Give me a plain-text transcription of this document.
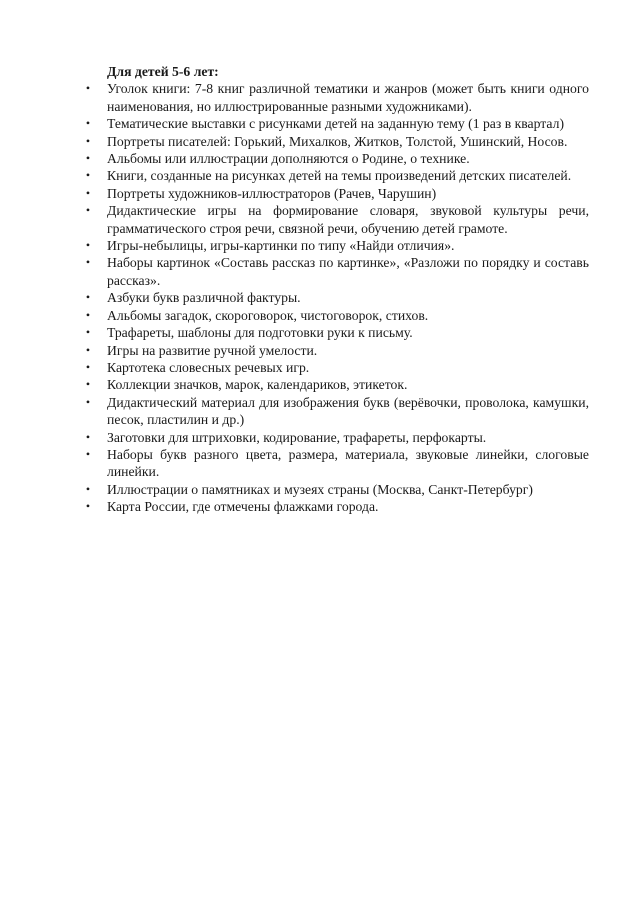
Для детей 5-6 лет:

• Уголок книги: 7-8 книг различной тематики и жанров (может быть книги одного наименования, но иллюстрированные разными художниками).
• Тематические выставки с рисунками детей на заданную тему (1 раз в квартал)
• Портреты писателей: Горький, Михалков, Житков, Толстой, Ушинский, Носов.
• Альбомы или иллюстрации дополняются о Родине, о технике.
• Книги, созданные на рисунках детей на темы произведений детских писателей.
• Портреты художников-иллюстраторов (Рачев, Чарушин)
• Дидактические игры на формирование словаря, звуковой культуры речи, грамматического строя речи, связной речи, обучению детей грамоте.
• Игры-небылицы, игры-картинки по типу «Найди отличия».
• Наборы картинок «Составь рассказ по картинке», «Разложи по порядку и составь рассказ».
• Азбуки букв различной фактуры.
• Альбомы загадок, скороговорок, чистоговорок, стихов.
• Трафареты, шаблоны для подготовки руки к письму.
• Игры на развитие ручной умелости.
• Картотека словесных речевых игр.
• Коллекции значков, марок, календариков, этикеток.
• Дидактический материал для изображения букв (верёвочки, проволока, камушки, песок, пластилин и др.)
• Заготовки для штриховки, кодирование, трафареты, перфокарты.
• Наборы букв разного цвета, размера, материала, звуковые линейки, слоговые линейки.
• Иллюстрации о памятниках и музеях страны (Москва, Санкт-Петербург)
• Карта России, где отмечены флажками города.
